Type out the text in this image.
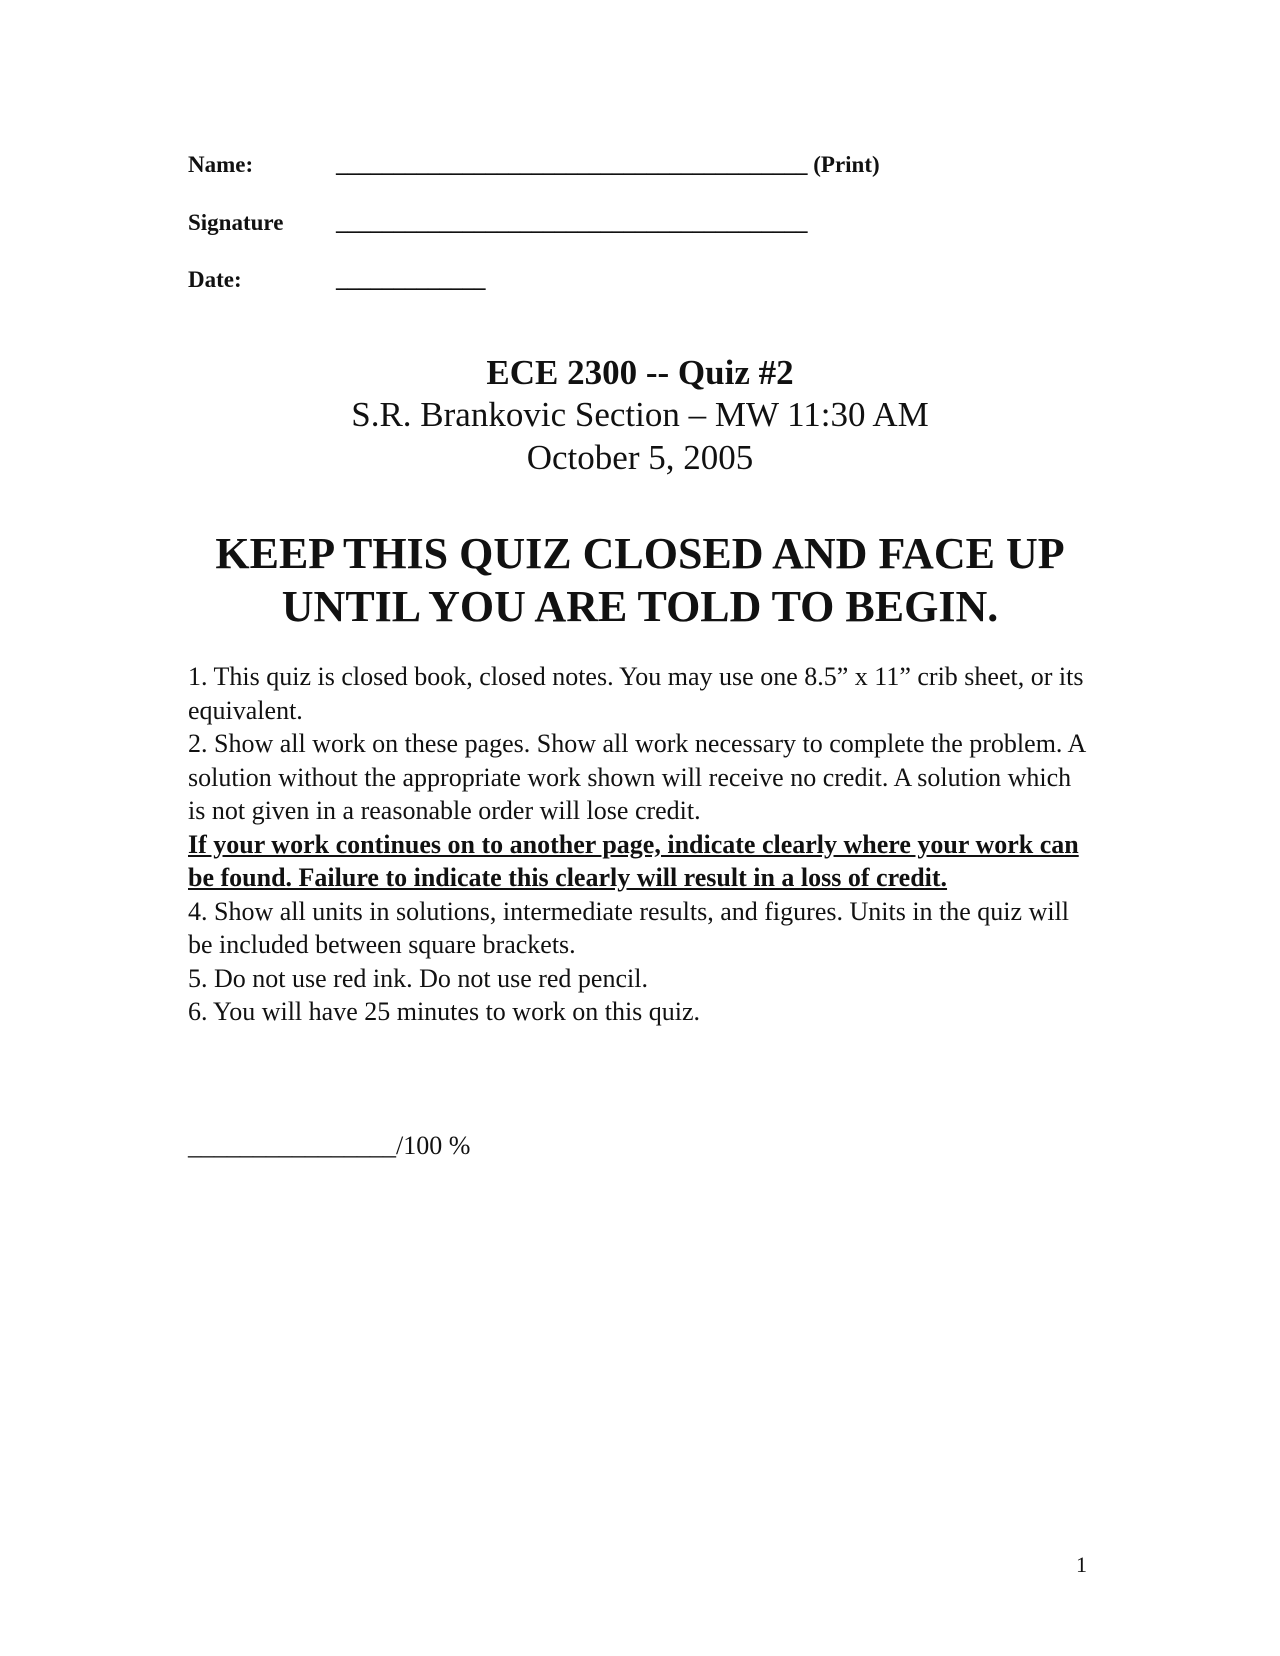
Name:	_________________________________________ (Print)
Signature _________________________________________
Date:	_____________
ECE 2300 -- Quiz #2
S.R. Brankovic Section – MW 11:30 AM
October 5, 2005
KEEP THIS QUIZ CLOSED AND FACE UP
UNTIL YOU ARE TOLD TO BEGIN.

1. This quiz is closed book, closed notes. You may use one 8.5” x 11” crib sheet, or its equivalent.

2. Show all work on these pages. Show all work necessary to complete the problem. A solution without the appropriate work shown will receive no credit. A solution which is not given in a reasonable order will lose credit.

If your work continues on to another page, indicate clearly where your work can be found. Failure to indicate this clearly will result in a loss of credit.

4. Show all units in solutions, intermediate results, and figures. Units in the quiz will be included between square brackets.

5. Do not use red ink. Do not use red pencil.

6. You will have 25 minutes to work on this quiz.

________________/100 %
1
